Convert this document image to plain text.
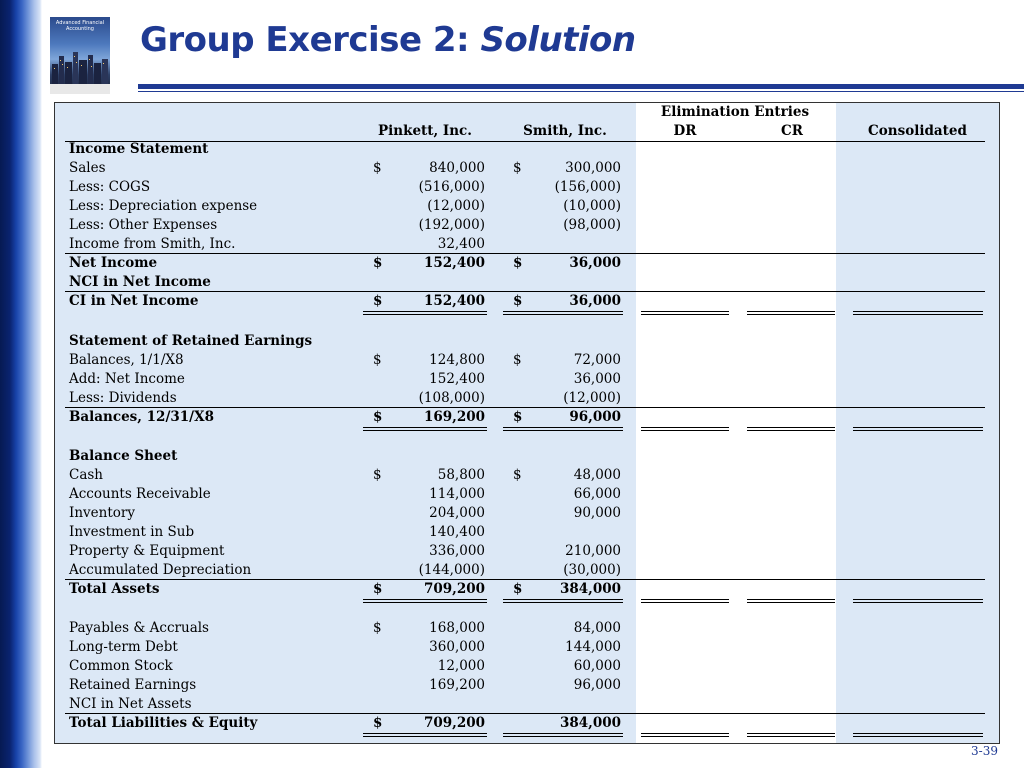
Advanced Financial Accounting	Group Exercise 2: Solution
Elimination Entries
Pinkett, Inc.	Smith, Inc.	DR	CR	Consolidated
Income Statement
Sales	$	840,000 $	300,000
Less: COGS	(516,000)	(156,000)
Less: Depreciation expense	(12,000)	(10,000)
Less: Other Expenses	(192,000)	(98,000)
Income from Smith, Inc.	32,400
Net Income	$	152,400 $	36,000
NCI in Net Income
CI in Net Income	$	152,400 $	36,000
Statement of Retained Earnings
Balances, 1/1/X8	$	124,800 $	72,000
Add: Net Income	152,400	36,000
Less: Dividends	(108,000)	(12,000)
Balances, 12/31/X8	$	169,200 $	96,000
Balance Sheet
Cash	$	58,800 $	48,000
Accounts Receivable	114,000	66,000
Inventory	204,000	90,000
Investment in Sub	140,400
Property & Equipment	336,000	210,000
Accumulated Depreciation	(144,000)	(30,000)
Total Assets	$	709,200 $	384,000
Payables & Accruals	$	168,000	84,000
Long-term Debt	360,000	144,000
Common Stock	12,000	60,000
Retained Earnings	169,200	96,000
NCI in Net Assets
Total Liabilities & Equity	$	709,200	384,000
3-39
